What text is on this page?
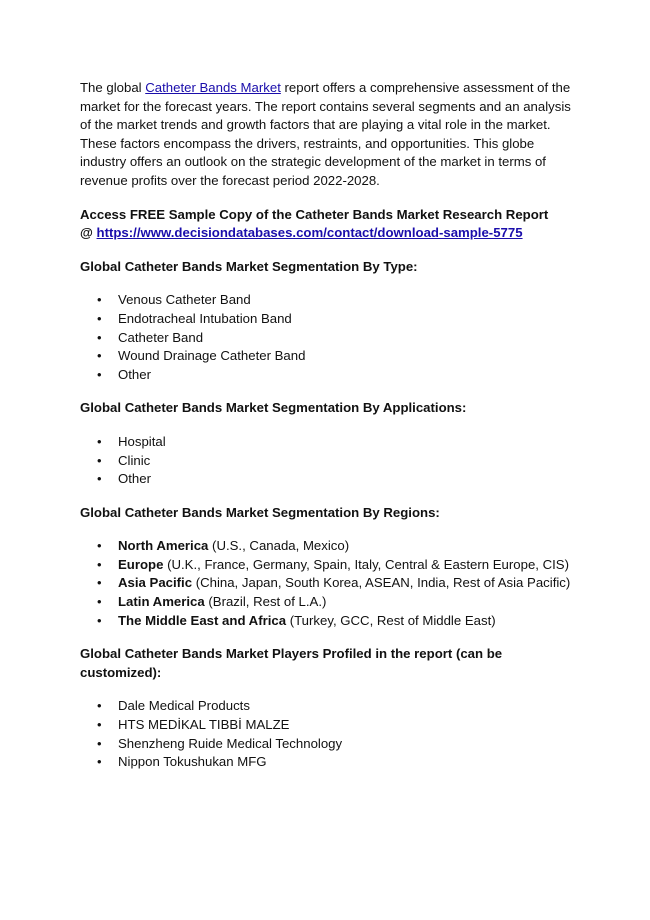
The global Catheter Bands Market report offers a comprehensive assessment of the market for the forecast years. The report contains several segments and an analysis of the market trends and growth factors that are playing a vital role in the market. These factors encompass the drivers, restraints, and opportunities. This globe industry offers an outlook on the strategic development of the market in terms of revenue profits over the forecast period 2022-2028.

Access FREE Sample Copy of the Catheter Bands Market Research Report
@ https://www.decisiondatabases.com/contact/download-sample-5775

Global Catheter Bands Market Segmentation By Type:

• Venous Catheter Band
• Endotracheal Intubation Band
• Catheter Band
• Wound Drainage Catheter Band
• Other

Global Catheter Bands Market Segmentation By Applications:

• Hospital
• Clinic
• Other

Global Catheter Bands Market Segmentation By Regions:

• North America (U.S., Canada, Mexico)
• Europe (U.K., France, Germany, Spain, Italy, Central & Eastern Europe, CIS)
• Asia Pacific (China, Japan, South Korea, ASEAN, India, Rest of Asia Pacific)
• Latin America (Brazil, Rest of L.A.)
• The Middle East and Africa (Turkey, GCC, Rest of Middle East)

Global Catheter Bands Market Players Profiled in the report (can be customized):

• Dale Medical Products
• HTS MEDİKAL TIBBİ MALZE
• Shenzheng Ruide Medical Technology
• Nippon Tokushukan MFG
